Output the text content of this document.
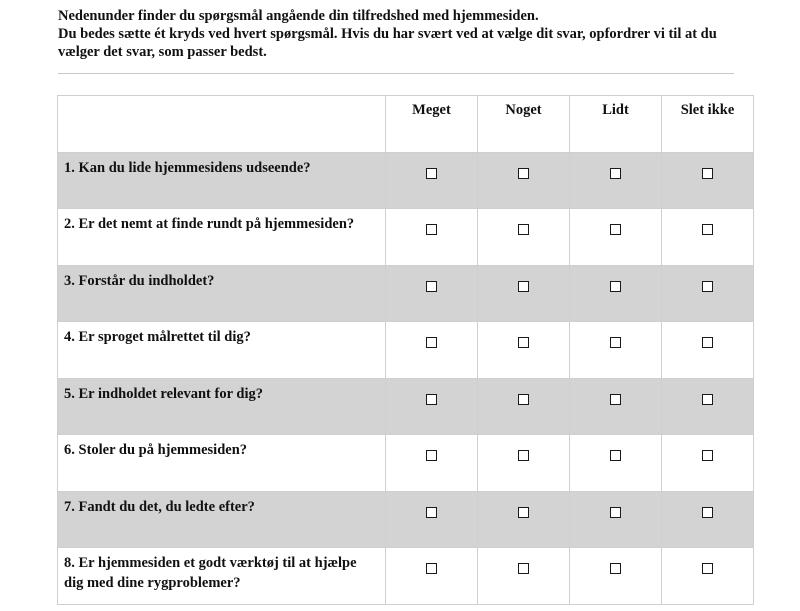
Nedenunder finder du spørgsmål angående din tilfredshed med hjemmesiden.

Du bedes sætte ét kryds ved hvert spørgsmål. Hvis du har svært ved at vælge dit svar, opfordrer vi til at du vælger det svar, som passer bedst.

	Meget	Noget	Lidt	Slet ikke
1. Kan du lide hjemmesidens udseende?				
2. Er det nemt at finde rundt på hjemmesiden?				
3. Forstår du indholdet?				
4. Er sproget målrettet til dig?				
5. Er indholdet relevant for dig?				
6. Stoler du på hjemmesiden?				
7. Fandt du det, du ledte efter?				
8. Er hjemmesiden et godt værktøj til at hjælpe dig med dine rygproblemer?				
